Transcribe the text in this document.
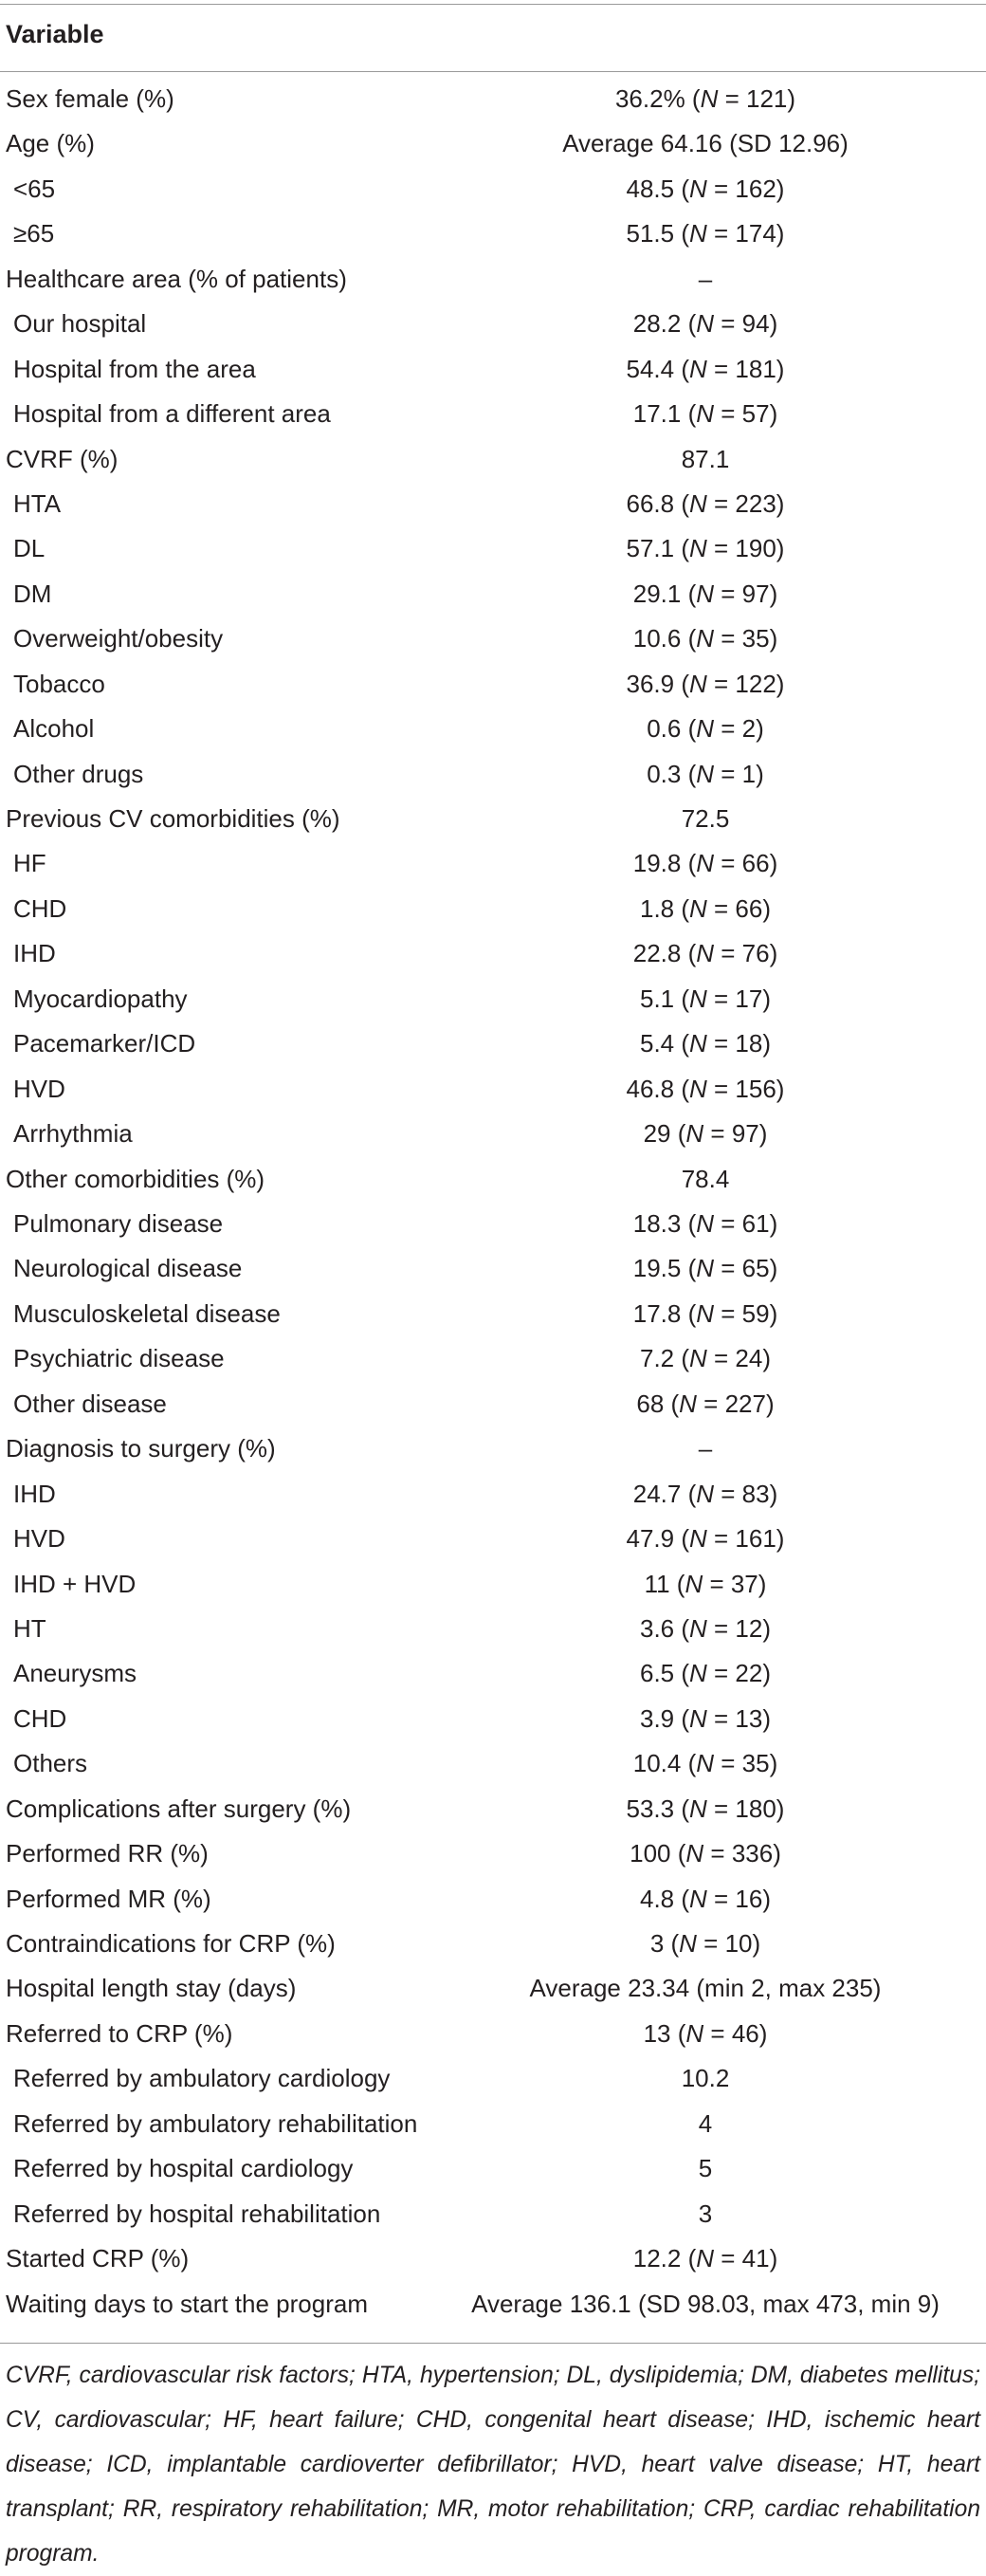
Variable
Sex female (%)	36.2% (N = 121)
Age (%)	Average 64.16 (SD 12.96)
<65	48.5 (N = 162)
≥65	51.5 (N = 174)
Healthcare area (% of patients)	–
Our hospital	28.2 (N = 94)
Hospital from the area	54.4 (N = 181)
Hospital from a different area	17.1 (N = 57)
CVRF (%)	87.1
HTA	66.8 (N = 223)
DL	57.1 (N = 190)
DM	29.1 (N = 97)
Overweight/obesity	10.6 (N = 35)
Tobacco	36.9 (N = 122)
Alcohol	0.6 (N = 2)
Other drugs	0.3 (N = 1)
Previous CV comorbidities (%)	72.5
HF	19.8 (N = 66)
CHD	1.8 (N = 66)
IHD	22.8 (N = 76)
Myocardiopathy	5.1 (N = 17)
Pacemarker/ICD	5.4 (N = 18)
HVD	46.8 (N = 156)
Arrhythmia	29 (N = 97)
Other comorbidities (%)	78.4
Pulmonary disease	18.3 (N = 61)
Neurological disease	19.5 (N = 65)
Musculoskeletal disease	17.8 (N = 59)
Psychiatric disease	7.2 (N = 24)
Other disease	68 (N = 227)
Diagnosis to surgery (%)	–
IHD	24.7 (N = 83)
HVD	47.9 (N = 161)
IHD + HVD	11 (N = 37)
HT	3.6 (N = 12)
Aneurysms	6.5 (N = 22)
CHD	3.9 (N = 13)
Others	10.4 (N = 35)
Complications after surgery (%)	53.3 (N = 180)
Performed RR (%)	100 (N = 336)
Performed MR (%)	4.8 (N = 16)
Contraindications for CRP (%)	3 (N = 10)
Hospital length stay (days)	Average 23.34 (min 2, max 235)
Referred to CRP (%)	13 (N = 46)
Referred by ambulatory cardiology	10.2
Referred by ambulatory rehabilitation	4
Referred by hospital cardiology	5
Referred by hospital rehabilitation	3
Started CRP (%)	12.2 (N = 41)
Waiting days to start the program	Average 136.1 (SD 98.03, max 473, min 9)
CVRF, cardiovascular risk factors; HTA, hypertension; DL, dyslipidemia; DM, diabetes mellitus; CV, cardiovascular; HF, heart failure; CHD, congenital heart disease; IHD, ischemic heart disease; ICD, implantable cardioverter defibrillator; HVD, heart valve disease; HT, heart transplant; RR, respiratory rehabilitation; MR, motor rehabilitation; CRP, cardiac rehabilitation program.
